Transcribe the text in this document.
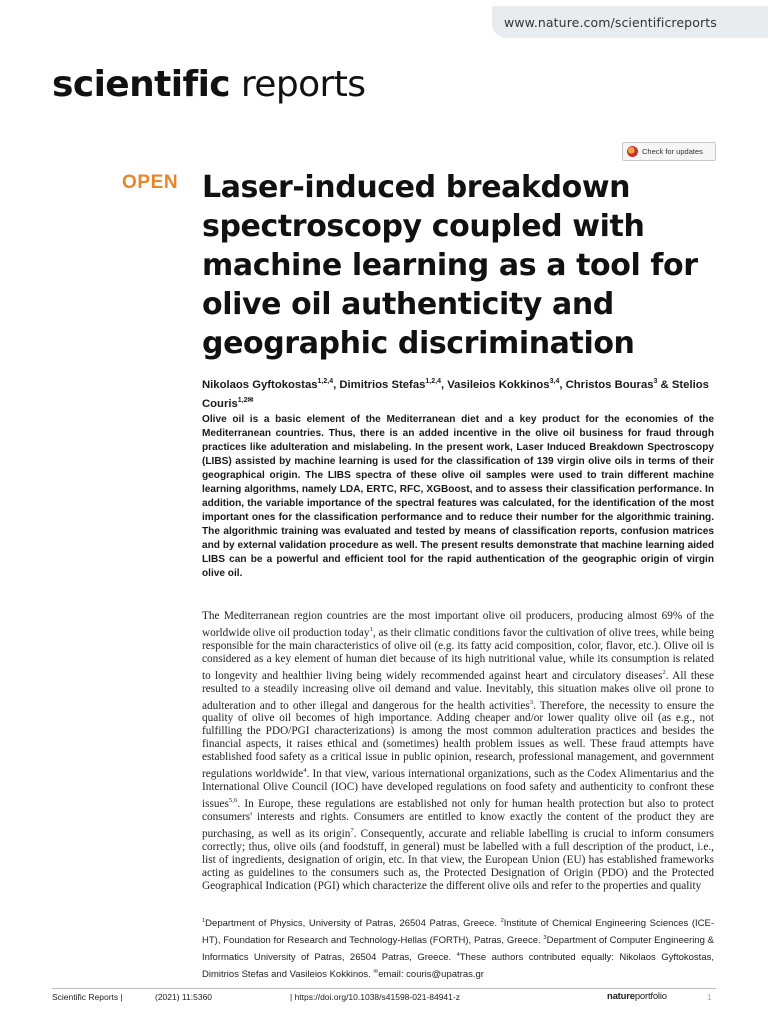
www.nature.com/scientificreports
scientific reports
Check for updates
OPEN Laser-induced breakdown spectroscopy coupled with machine learning as a tool for olive oil authenticity and geographic discrimination
Nikolaos Gyftokostas$^{1,2,4}$, Dimitrios Stefas$^{1,2,4}$, Vasileios Kokkinos$^{3,4}$, Christos Bouras$^3$ & Stelios Couris$^{1,2✉}$

Olive oil is a basic element of the Mediterranean diet and a key product for the economies of the Mediterranean countries. Thus, there is an added incentive in the olive oil business for fraud through practices like adulteration and mislabeling. In the present work, Laser Induced Breakdown Spectroscopy (LIBS) assisted by machine learning is used for the classification of 139 virgin olive oils in terms of their geographical origin. The LIBS spectra of these olive oil samples were used to train different machine learning algorithms, namely LDA, ERTC, RFC, XGBoost, and to assess their classification performance. In addition, the variable importance of the spectral features was calculated, for the identification of the most important ones for the classification performance and to reduce their number for the algorithmic training. The algorithmic training was evaluated and tested by means of classification reports, confusion matrices and by external validation procedure as well. The present results demonstrate that machine learning aided LIBS can be a powerful and efficient tool for the rapid authentication of the geographic origin of virgin olive oil.

The Mediterranean region countries are the most important olive oil producers, producing almost 69% of the worldwide olive oil production today$^1$, as their climatic conditions favor the cultivation of olive trees, while being responsible for the main characteristics of olive oil (e.g. its fatty acid composition, color, flavor, etc.). Olive oil is considered as a key element of human diet because of its high nutritional value, while its consumption is related to longevity and healthier living being widely recommended against heart and circulatory diseases$^2$. All these resulted to a steadily increasing olive oil demand and value. Inevitably, this situation makes olive oil prone to adulteration and to other illegal and dangerous for the health activities$^3$. Therefore, the necessity to ensure the quality of olive oil becomes of high importance. Adding cheaper and/or lower quality olive oil (as e.g., not fulfilling the PDO/PGI characterizations) is among the most common adulteration practices and besides the financial aspects, it raises ethical and (sometimes) health problem issues as well. These fraud attempts have established food safety as a critical issue in public opinion, research, professional management, and government regulations worldwide$^4$. In that view, various international organizations, such as the Codex Alimentarius and the International Olive Council (IOC) have developed regulations on food safety and authenticity to confront these issues$^{5,6}$. In Europe, these regulations are established not only for human health protection but also to protect consumers' interests and rights. Consumers are entitled to know exactly the content of the product they are purchasing, as well as its origin$^7$. Consequently, accurate and reliable labelling is crucial to inform consumers correctly; thus, olive oils (and foodstuff, in general) must be labelled with a full description of the product, i.e., list of ingredients, designation of origin, etc. In that view, the European Union (EU) has established frameworks acting as guidelines to the consumers such as, the Protected Designation of Origin (PDO) and the Protected Geographical Indication (PGI) which characterize the different olive oils and refer to the properties and quality

$^1$Department of Physics, University of Patras, 26504 Patras, Greece. $^2$Institute of Chemical Engineering Sciences (ICE-HT), Foundation for Research and Technology-Hellas (FORTH), Patras, Greece. $^3$Department of Computer Engineering & Informatics University of Patras, 26504 Patras, Greece. $^4$These authors contributed equally: Nikolaos Gyftokostas, Dimitrios Stefas and Vasileios Kokkinos. ✉email: couris@upatras.gr

Scientific Reports |	(2021) 11:5360	| https://doi.org/10.1038/s41598-021-84941-z	natureportfolio	1
